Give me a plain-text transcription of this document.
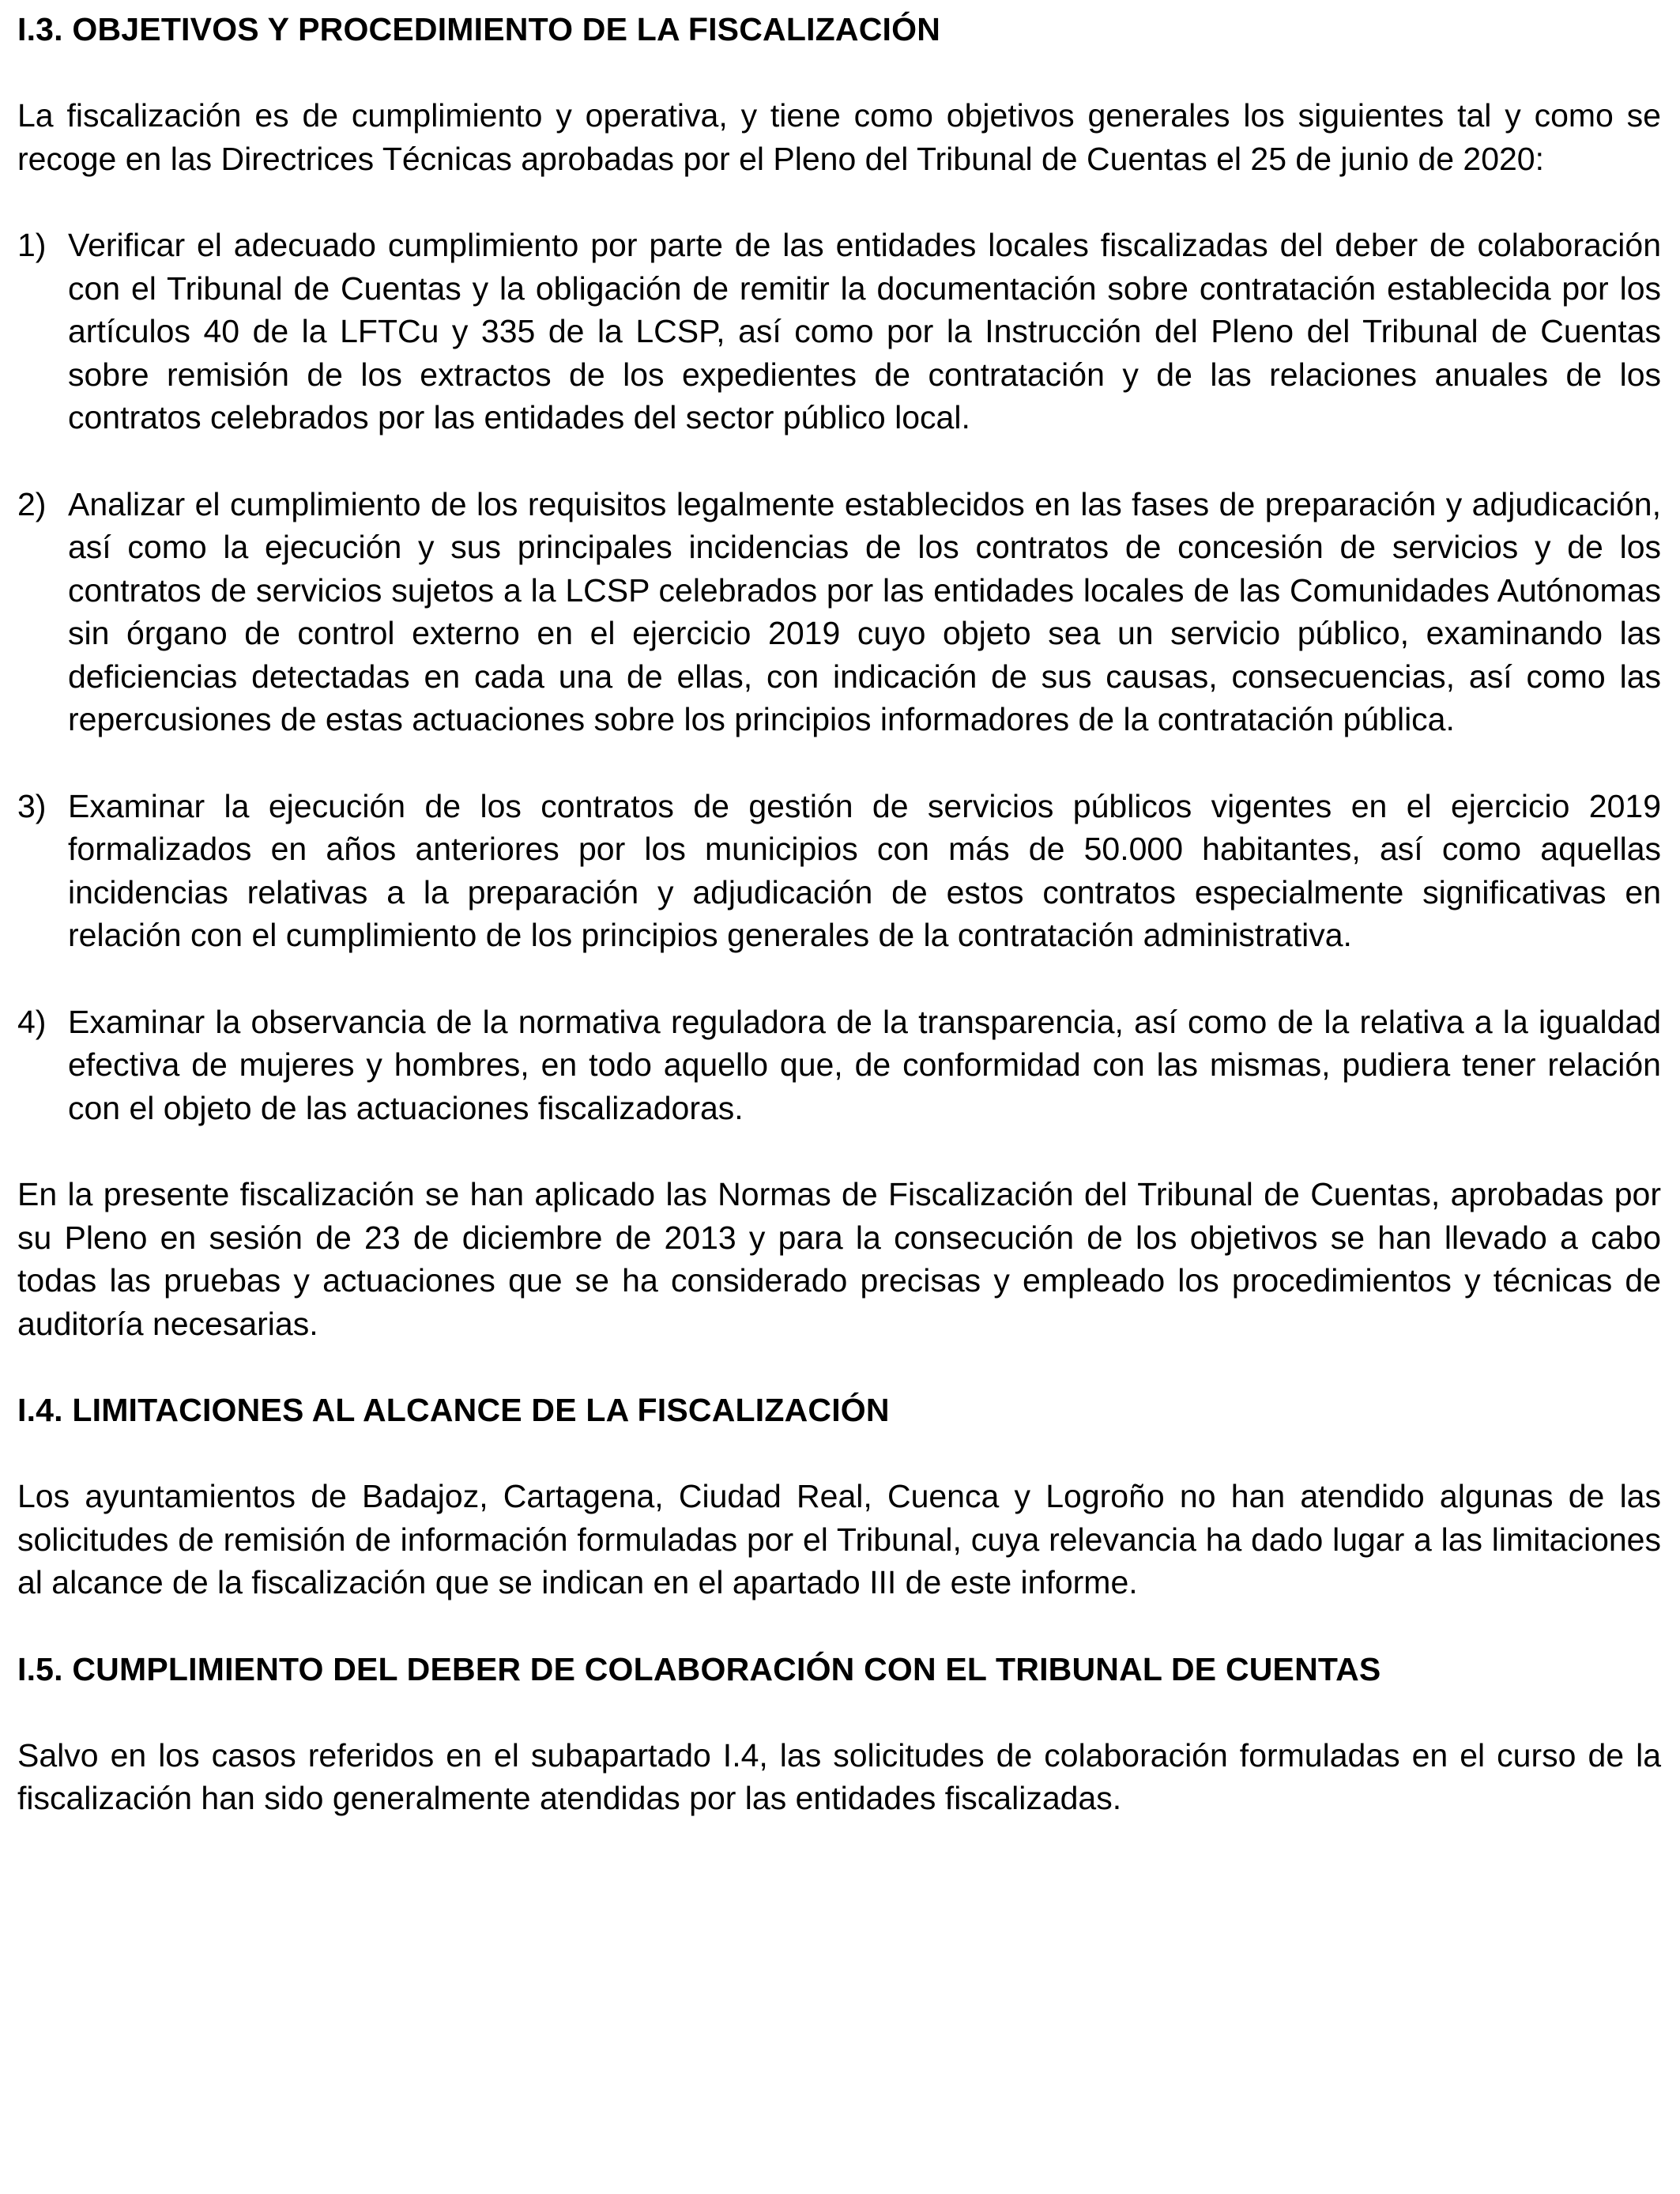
I.3. OBJETIVOS Y PROCEDIMIENTO DE LA FISCALIZACIÓN

La fiscalización es de cumplimiento y operativa, y tiene como objetivos generales los siguientes tal y como se recoge en las Directrices Técnicas aprobadas por el Pleno del Tribunal de Cuentas el 25 de junio de 2020:

1) Verificar el adecuado cumplimiento por parte de las entidades locales fiscalizadas del deber de colaboración con el Tribunal de Cuentas y la obligación de remitir la documentación sobre contratación establecida por los artículos 40 de la LFTCu y 335 de la LCSP, así como por la Instrucción del Pleno del Tribunal de Cuentas sobre remisión de los extractos de los expedientes de contratación y de las relaciones anuales de los contratos celebrados por las entidades del sector público local.
2) Analizar el cumplimiento de los requisitos legalmente establecidos en las fases de preparación y adjudicación, así como la ejecución y sus principales incidencias de los contratos de concesión de servicios y de los contratos de servicios sujetos a la LCSP celebrados por las entidades locales de las Comunidades Autónomas sin órgano de control externo en el ejercicio 2019 cuyo objeto sea un servicio público, examinando las deficiencias detectadas en cada una de ellas, con indicación de sus causas, consecuencias, así como las repercusiones de estas actuaciones sobre los principios informadores de la contratación pública.
3) Examinar la ejecución de los contratos de gestión de servicios públicos vigentes en el ejercicio 2019 formalizados en años anteriores por los municipios con más de 50.000 habitantes, así como aquellas incidencias relativas a la preparación y adjudicación de estos contratos especialmente significativas en relación con el cumplimiento de los principios generales de la contratación administrativa.
4) Examinar la observancia de la normativa reguladora de la transparencia, así como de la relativa a la igualdad efectiva de mujeres y hombres, en todo aquello que, de conformidad con las mismas, pudiera tener relación con el objeto de las actuaciones fiscalizadoras.

En la presente fiscalización se han aplicado las Normas de Fiscalización del Tribunal de Cuentas, aprobadas por su Pleno en sesión de 23 de diciembre de 2013 y para la consecución de los objetivos se han llevado a cabo todas las pruebas y actuaciones que se ha considerado precisas y empleado los procedimientos y técnicas de auditoría necesarias.

I.4. LIMITACIONES AL ALCANCE DE LA FISCALIZACIÓN

Los ayuntamientos de Badajoz, Cartagena, Ciudad Real, Cuenca y Logroño no han atendido algunas de las solicitudes de remisión de información formuladas por el Tribunal, cuya relevancia ha dado lugar a las limitaciones al alcance de la fiscalización que se indican en el apartado III de este informe.

I.5. CUMPLIMIENTO DEL DEBER DE COLABORACIÓN CON EL TRIBUNAL DE CUENTAS

Salvo en los casos referidos en el subapartado I.4, las solicitudes de colaboración formuladas en el curso de la fiscalización han sido generalmente atendidas por las entidades fiscalizadas.
